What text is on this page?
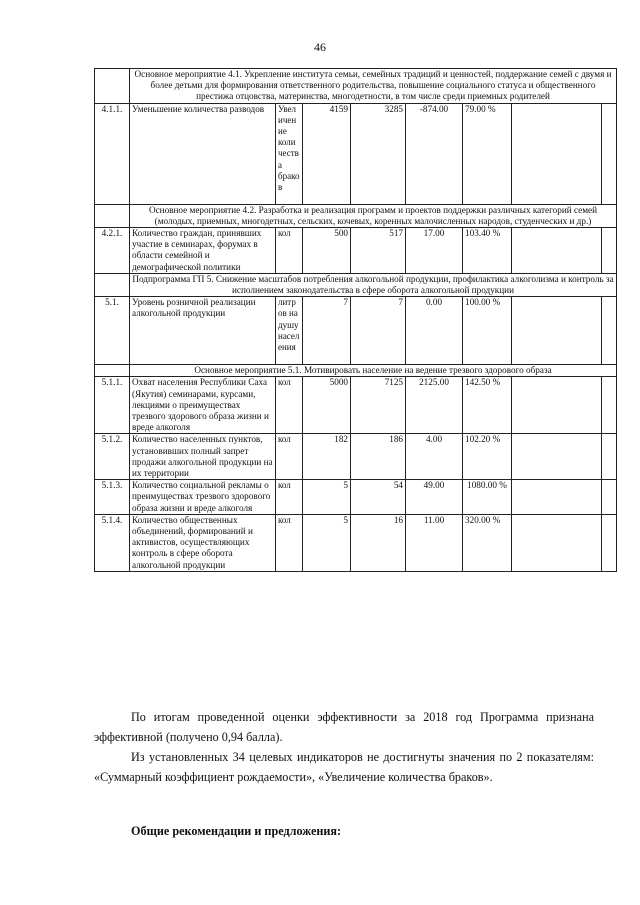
46
	Основное мероприятие 4.1. Укрепление института семьи, семейных традиций и ценностей, поддержание семей с двумя и более детьми для формирования ответственного родительства, повышение социального статуса и общественного престижа отцовства, материнства, многодетности, в том числе среди приемных родителей							
4.1.1.	Уменьшение количества разводов	Увеличение количества браков	4159	3285	-874.00	79.00 %		
	Основное мероприятие 4.2. Разработка и реализация программ и проектов поддержки различных категорий семей (молодых, приемных, многодетных, сельских, кочевых, коренных малочисленных народов, студенческих и др.)							
4.2.1.	Количество граждан, принявших участие в семинарах, форумах в области семейной и демографической политики	кол	500	517	17.00	103.40 %		
	Подпрограмма ГП 5. Снижение масштабов потребления алкогольной продукции, профилактика алкоголизма и контроль за исполнением законодательства в сфере оборота алкогольной продукции							
5.1.	Уровень розничной реализации алкогольной продукции	литров на душу населения	7	7	0.00	100.00 %		
	Основное мероприятие 5.1. Мотивировать население на ведение трезвого здорового образа							
5.1.1.	Охват населения Республики Саха (Якутия) семинарами, курсами, лекциями о преимуществах трезвого здорового образа жизни и вреде алкоголя	кол	5000	7125	2125.00	142.50 %		
5.1.2.	Количество населенных пунктов, установивших полный запрет продажи алкогольной продукции на их территории	кол	182	186	4.00	102.20 %		
5.1.3.	Количество социальной рекламы о преимуществах трезвого здорового образа жизни и вреде алкоголя	кол	5	54	49.00	1080.00 %		
5.1.4.	Количество общественных объединений, формирований и активистов, осуществляющих контроль в сфере оборота алкогольной продукции	кол	5	16	11.00	320.00 %		
По итогам проведенной оценки эффективности за 2018 год Программа признана эффективной (получено 0,94 балла).
Из установленных 34 целевых индикаторов не достигнуты значения по 2 показателям: «Суммарный коэффициент рождаемости», «Увеличение количества браков».
Общие рекомендации и предложения:
